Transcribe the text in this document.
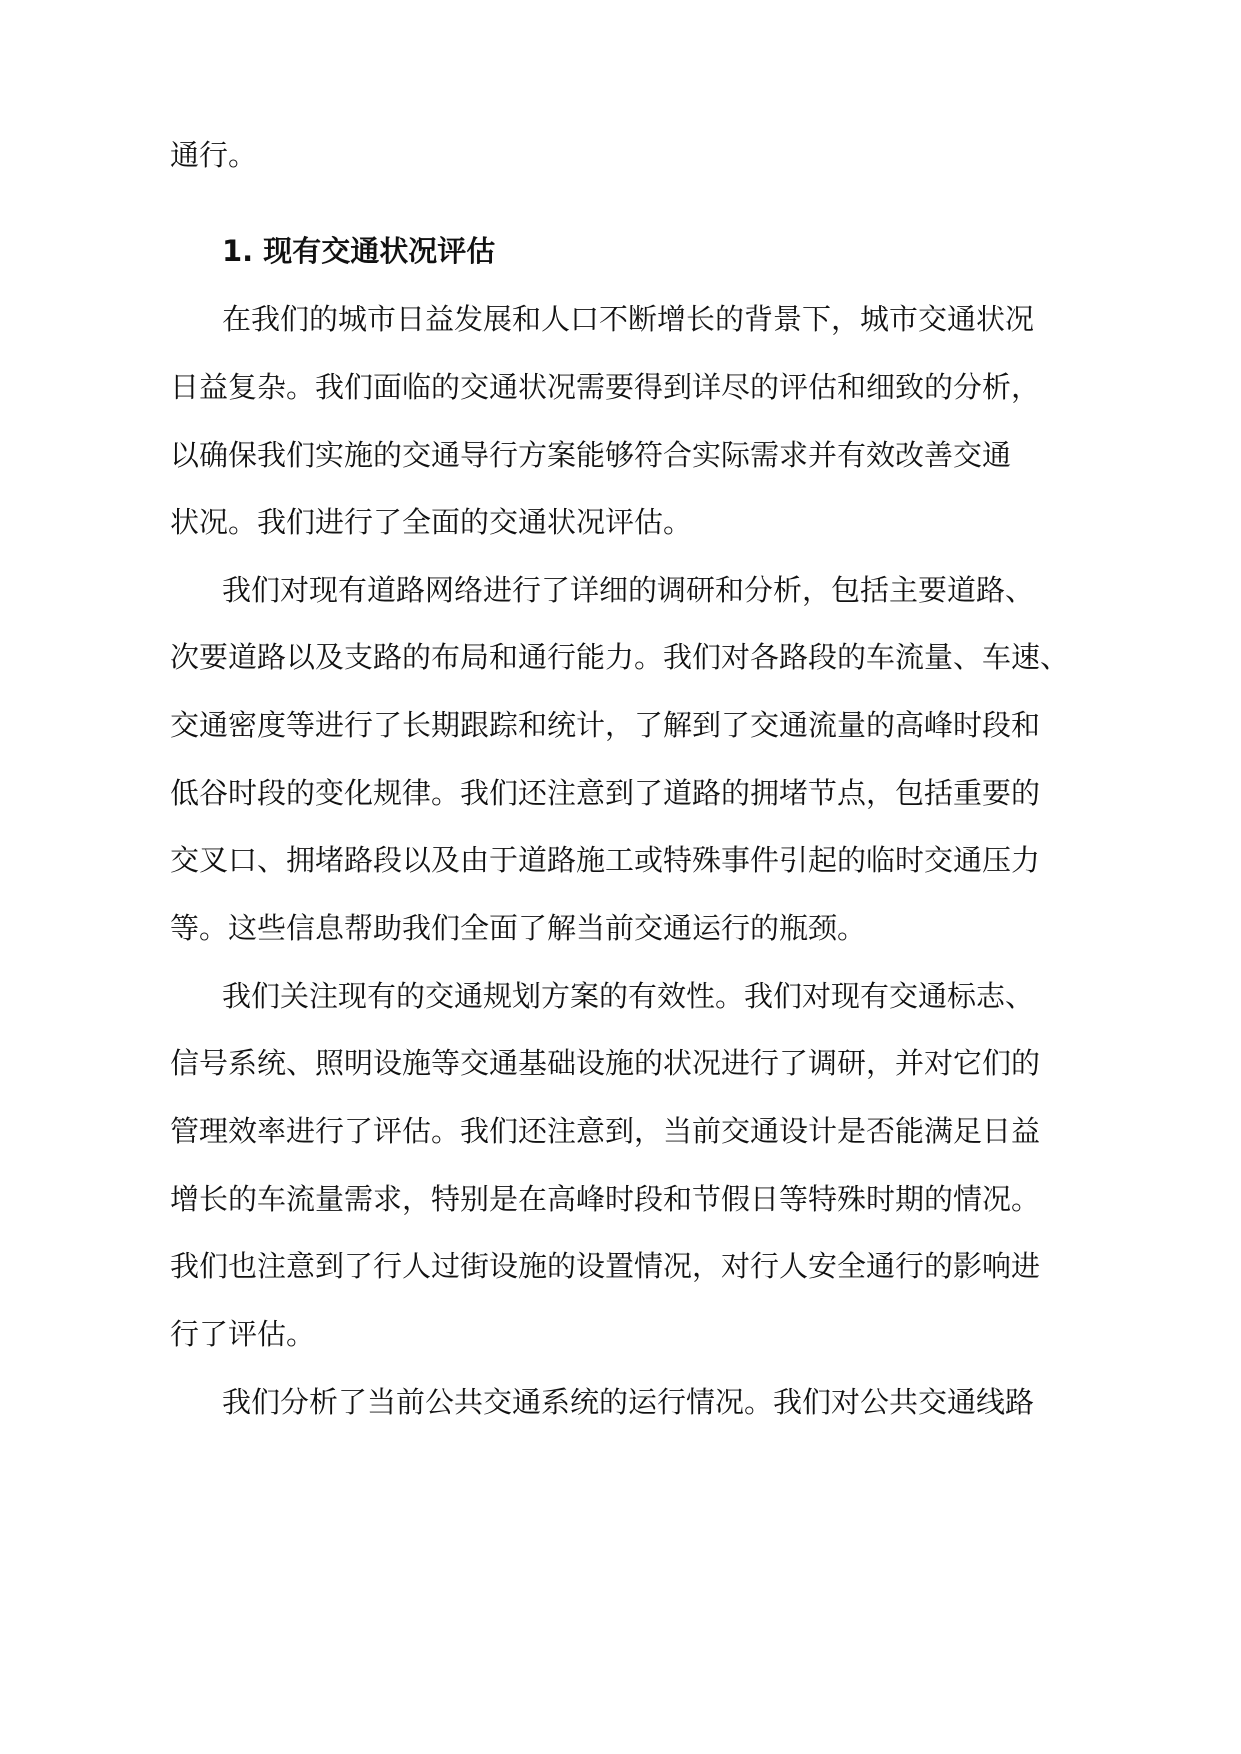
通行。

1. 现有交通状况评估

在我们的城市日益发展和人口不断增长的背景下，城市交通状况

日益复杂。我们面临的交通状况需要得到详尽的评估和细致的分析，

以确保我们实施的交通导行方案能够符合实际需求并有效改善交通

状况。我们进行了全面的交通状况评估。

我们对现有道路网络进行了详细的调研和分析，包括主要道路、

次要道路以及支路的布局和通行能力。我们对各路段的车流量、车速、

交通密度等进行了长期跟踪和统计，了解到了交通流量的高峰时段和

低谷时段的变化规律。我们还注意到了道路的拥堵节点，包括重要的

交叉口、拥堵路段以及由于道路施工或特殊事件引起的临时交通压力

等。这些信息帮助我们全面了解当前交通运行的瓶颈。

我们关注现有的交通规划方案的有效性。我们对现有交通标志、

信号系统、照明设施等交通基础设施的状况进行了调研，并对它们的

管理效率进行了评估。我们还注意到，当前交通设计是否能满足日益

增长的车流量需求，特别是在高峰时段和节假日等特殊时期的情况。

我们也注意到了行人过街设施的设置情况，对行人安全通行的影响进

行了评估。

我们分析了当前公共交通系统的运行情况。我们对公共交通线路
